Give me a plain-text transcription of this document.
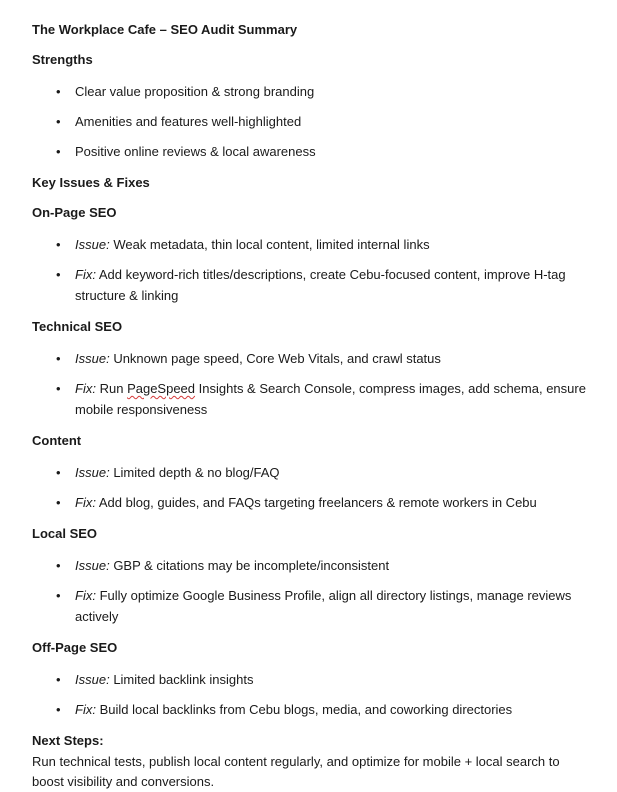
The Workplace Cafe – SEO Audit Summary
Strengths
• Clear value proposition & strong branding
• Amenities and features well-highlighted
• Positive online reviews & local awareness
Key Issues & Fixes
On-Page SEO
• Issue: Weak metadata, thin local content, limited internal links
• Fix: Add keyword-rich titles/descriptions, create Cebu-focused content, improve H-tag structure & linking
Technical SEO
• Issue: Unknown page speed, Core Web Vitals, and crawl status
• Fix: Run PageSpeed Insights & Search Console, compress images, add schema, ensure mobile responsiveness
Content
• Issue: Limited depth & no blog/FAQ
• Fix: Add blog, guides, and FAQs targeting freelancers & remote workers in Cebu
Local SEO
• Issue: GBP & citations may be incomplete/inconsistent
• Fix: Fully optimize Google Business Profile, align all directory listings, manage reviews actively
Off-Page SEO
• Issue: Limited backlink insights
• Fix: Build local backlinks from Cebu blogs, media, and coworking directories
Next Steps:

Run technical tests, publish local content regularly, and optimize for mobile + local search to boost visibility and conversions.
